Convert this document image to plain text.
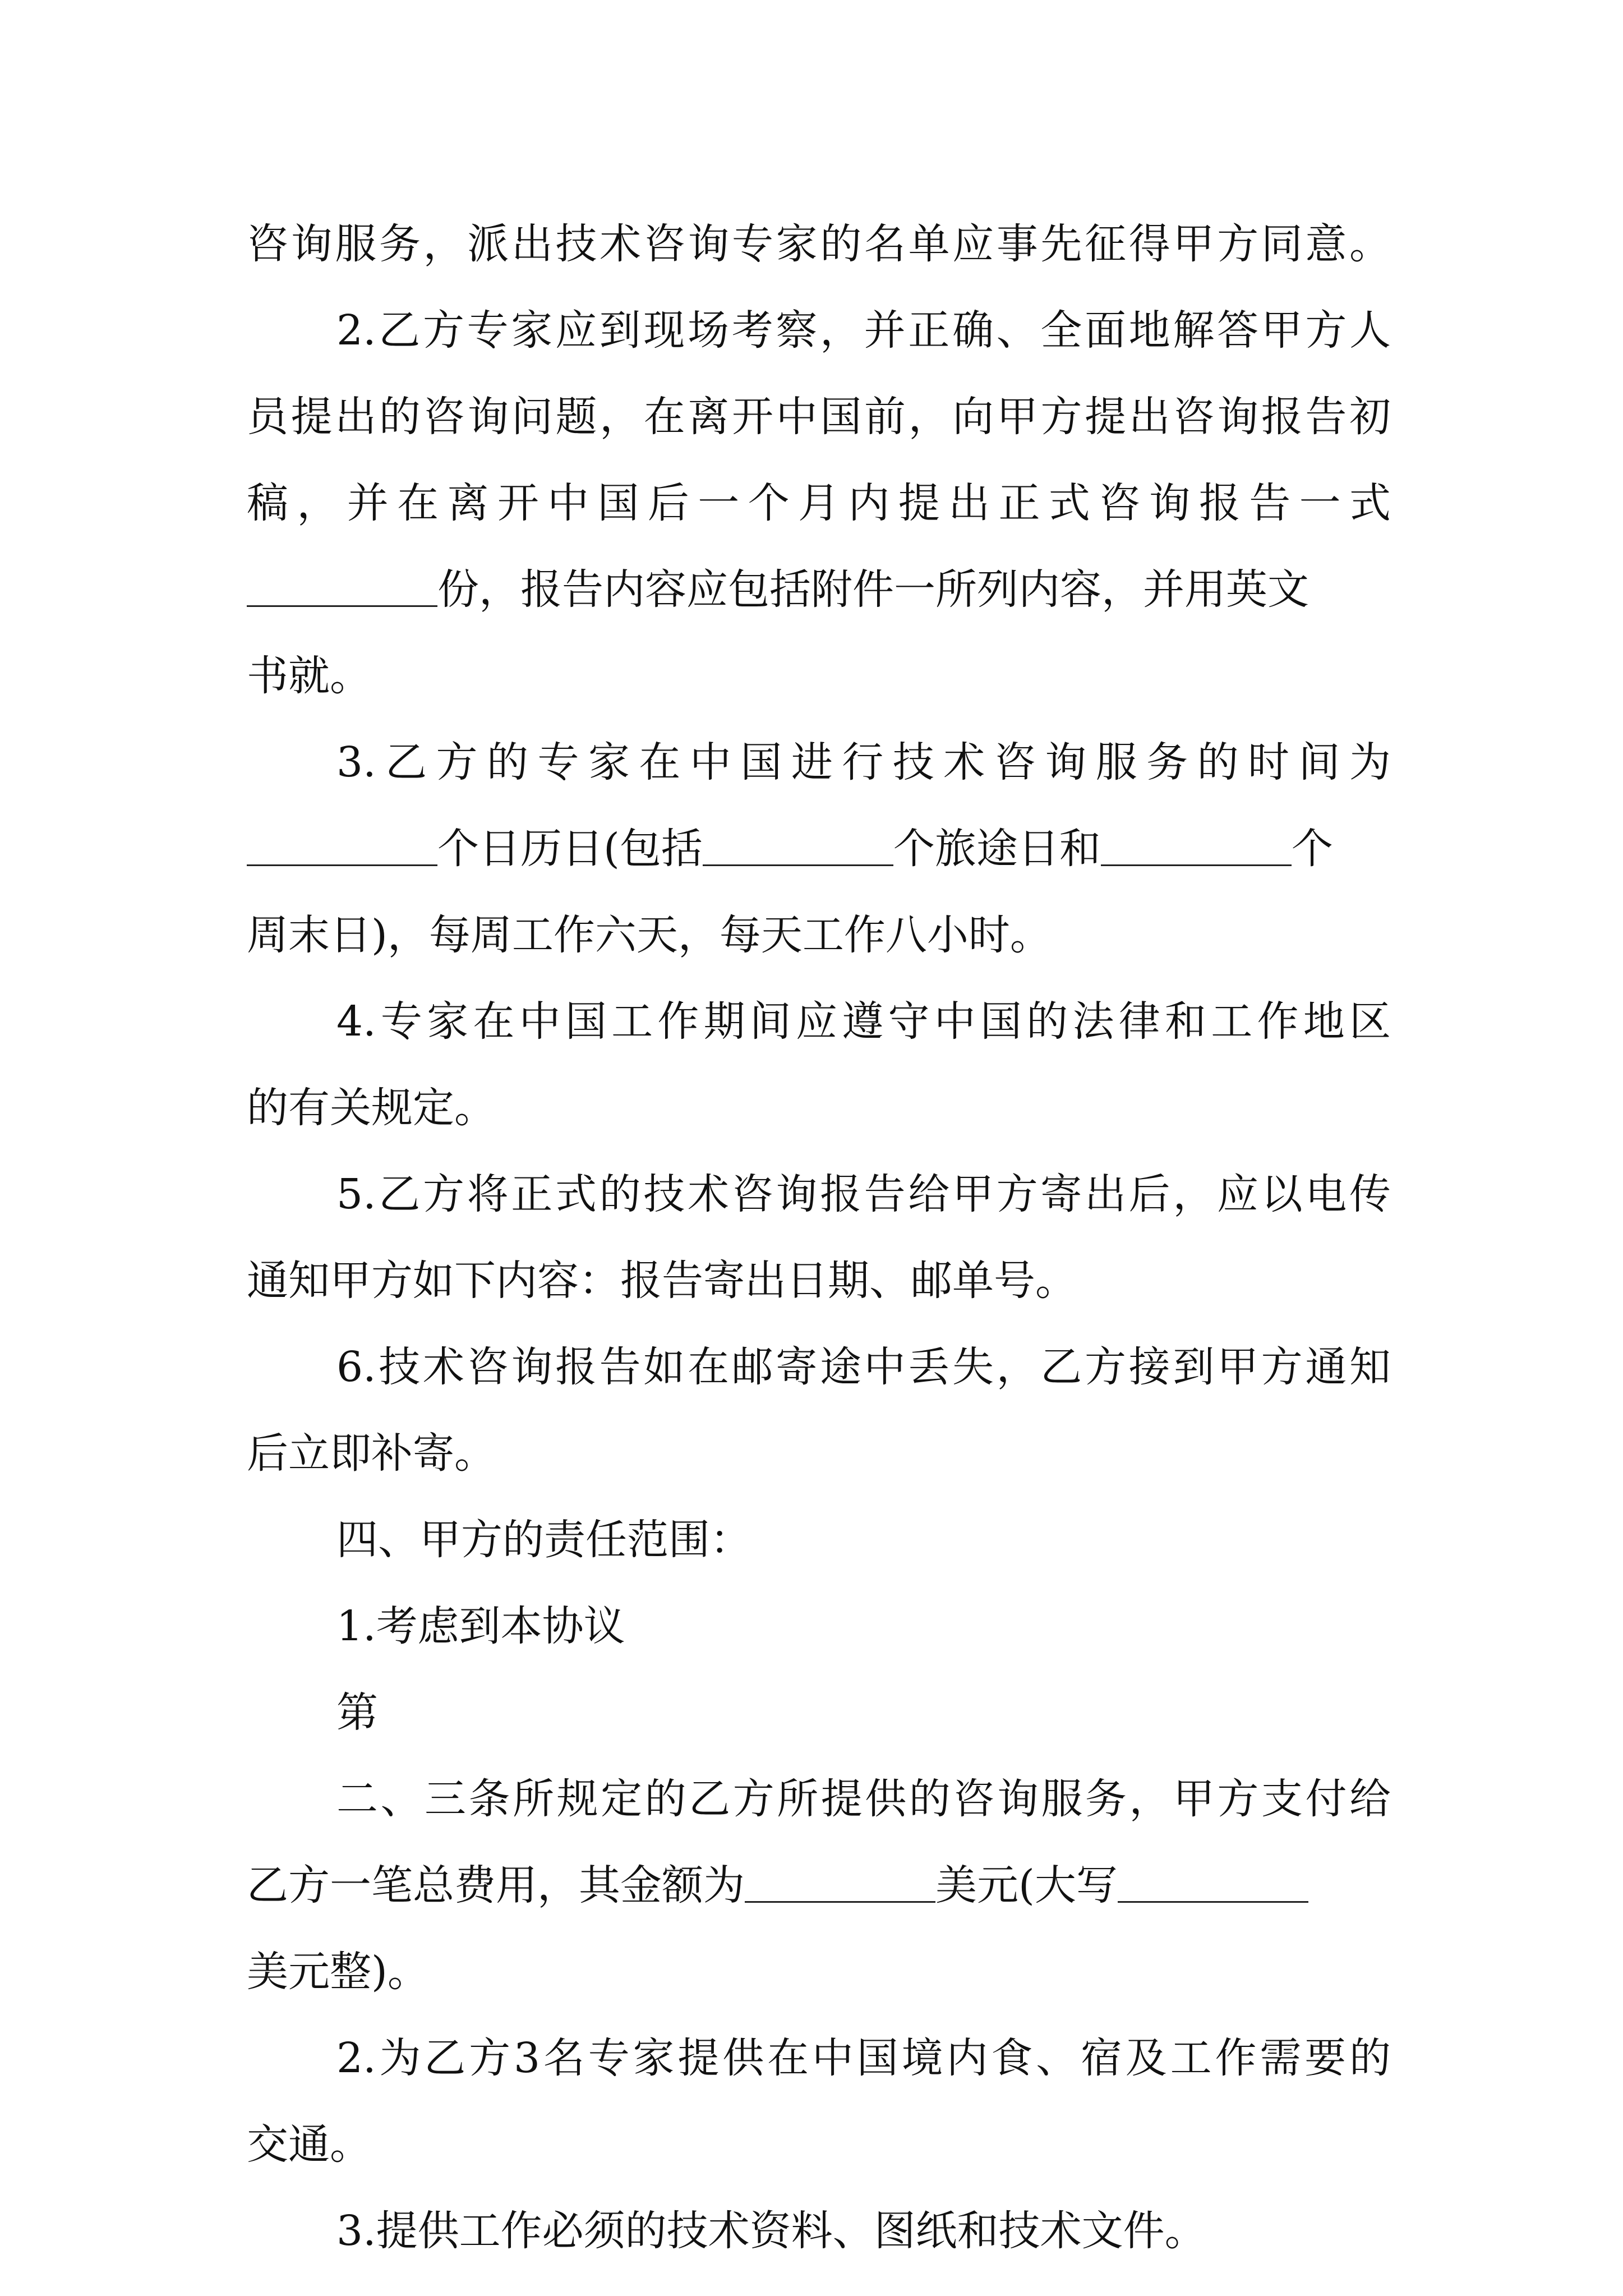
咨询服务，派出技术咨询专家的名单应事先征得甲方同意。
2.乙方专家应到现场考察，并正确、全面地解答甲方人
员提出的咨询问题，在离开中国前，向甲方提出咨询报告初
稿，并在离开中国后一个月内提出正式咨询报告一式
份，报告内容应包括附件一所列内容，并用英文
书就。
3.乙方的专家在中国进行技术咨询服务的时间为
个日历日(包括	个旅途日和	个
周末日)，每周工作六天，每天工作八小时。
4.专家在中国工作期间应遵守中国的法律和工作地区
的有关规定。
5.乙方将正式的技术咨询报告给甲方寄出后，应以电传
通知甲方如下内容：报告寄出日期、邮单号。
6.技术咨询报告如在邮寄途中丢失，乙方接到甲方通知
后立即补寄。
四、甲方的责任范围：
1.考虑到本协议
第
二、三条所规定的乙方所提供的咨询服务，甲方支付给
乙方一笔总费用，其金额为	美元(大写
美元整)。
2.为乙方3名专家提供在中国境内食、宿及工作需要的
交通。
3.提供工作必须的技术资料、图纸和技术文件。
